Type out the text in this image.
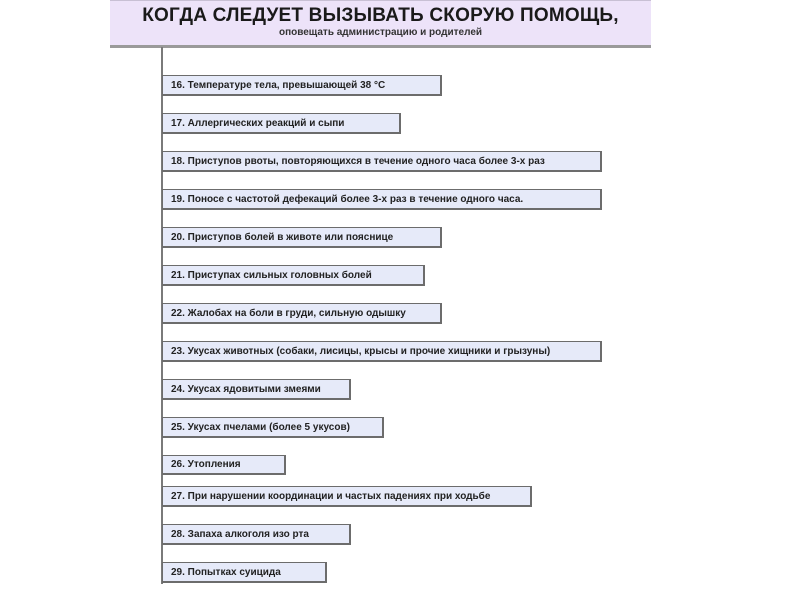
КОГДА СЛЕДУЕТ ВЫЗЫВАТЬ СКОРУЮ ПОМОЩЬ,
оповещать администрацию и родителей
16. Температуре тела, превышающей 38 °C
17. Аллергических реакций и сыпи
18. Приступов рвоты, повторяющихся в течение одного часа более 3-х раз
19. Поносе с частотой дефекаций более 3-х раз в течение одного часа.
20. Приступов болей в животе или пояснице
21. Приступах сильных головных болей
22. Жалобах на боли в груди, сильную одышку
23. Укусах животных (собаки, лисицы, крысы и прочие хищники и грызуны)
24. Укусах ядовитыми змеями
25. Укусах пчелами (более 5 укусов)
26. Утопления
27. При нарушении координации и частых падениях при ходьбе
28. Запаха алкоголя изо рта
29. Попытках суицида
